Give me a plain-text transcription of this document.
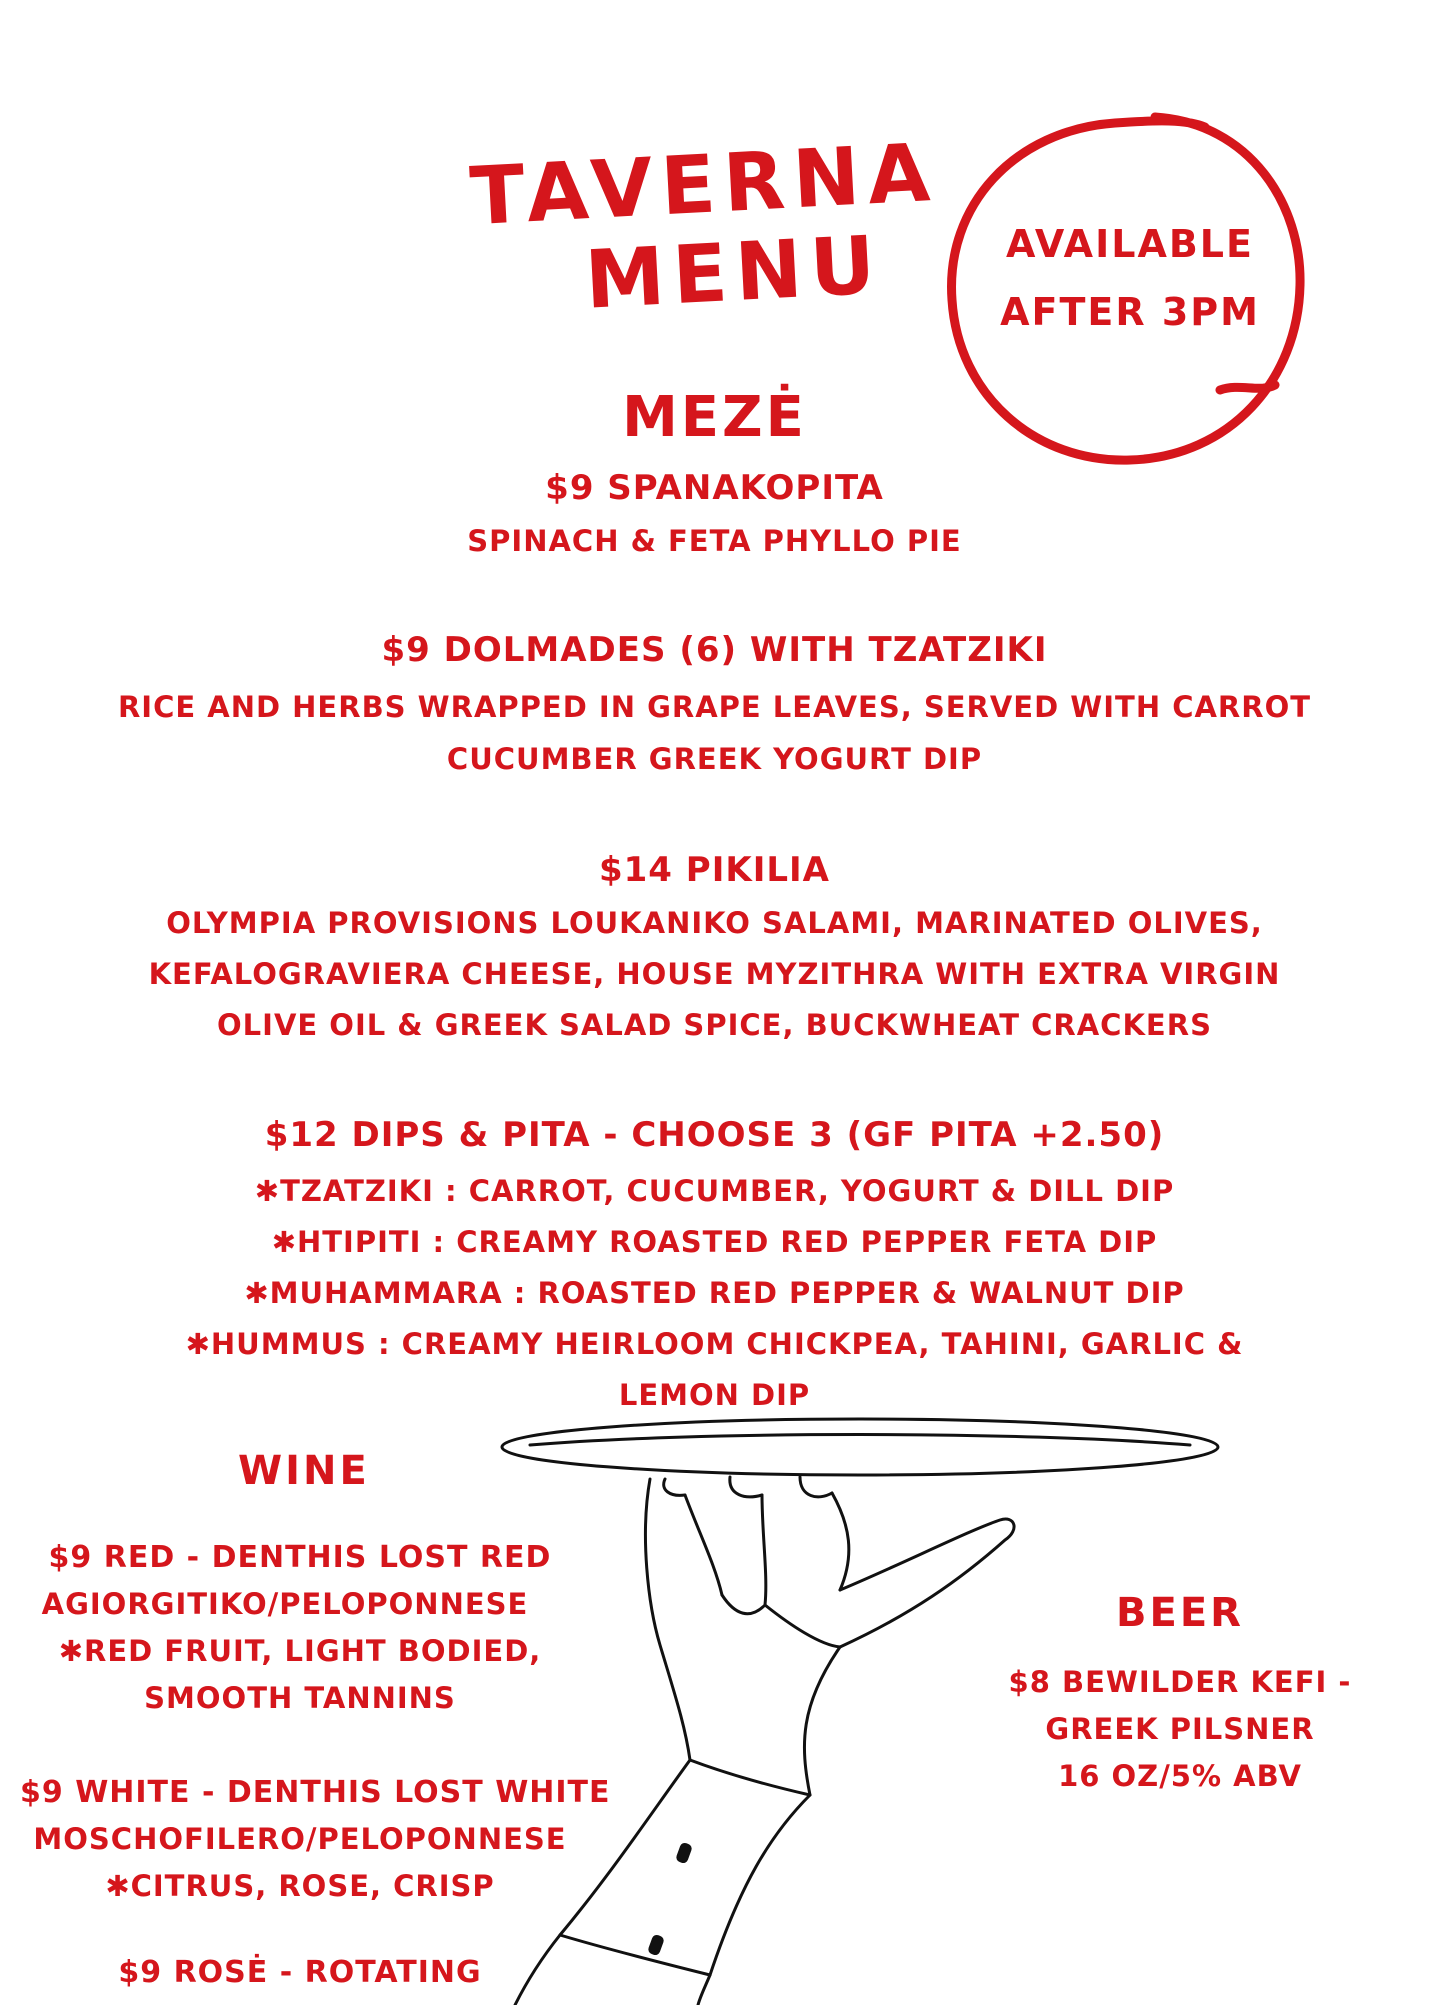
TAVERNA
MENU	AVAILABLE
AFTER 3PM
MEZĖ
$9 SPANAKOPITA
SPINACH & FETA PHYLLO PIE
$9 DOLMADES (6) WITH TZATZIKI
RICE AND HERBS WRAPPED IN GRAPE LEAVES, SERVED WITH CARROT
CUCUMBER GREEK YOGURT DIP
$14 PIKILIA
OLYMPIA PROVISIONS LOUKANIKO SALAMI, MARINATED OLIVES,
KEFALOGRAVIERA CHEESE, HOUSE MYZITHRA WITH EXTRA VIRGIN
OLIVE OIL & GREEK SALAD SPICE, BUCKWHEAT CRACKERS
$12 DIPS & PITA - CHOOSE 3 (GF PITA +2.50)
✱TZATZIKI : CARROT, CUCUMBER, YOGURT & DILL DIP
✱HTIPITI : CREAMY ROASTED RED PEPPER FETA DIP
✱MUHAMMARA : ROASTED RED PEPPER & WALNUT DIP
✱HUMMUS : CREAMY HEIRLOOM CHICKPEA, TAHINI, GARLIC &
LEMON DIP
WINE
$9 RED - DENTHIS LOST RED
AGIORGITIKO/PELOPONNESE
✱RED FRUIT, LIGHT BODIED,
SMOOTH TANNINS
$9 WHITE - DENTHIS LOST WHITE
MOSCHOFILERO/PELOPONNESE
✱CITRUS, ROSE, CRISP
$9 ROSĖ - ROTATING
BEER
$8 BEWILDER KEFI -
GREEK PILSNER
16 OZ/5% ABV
